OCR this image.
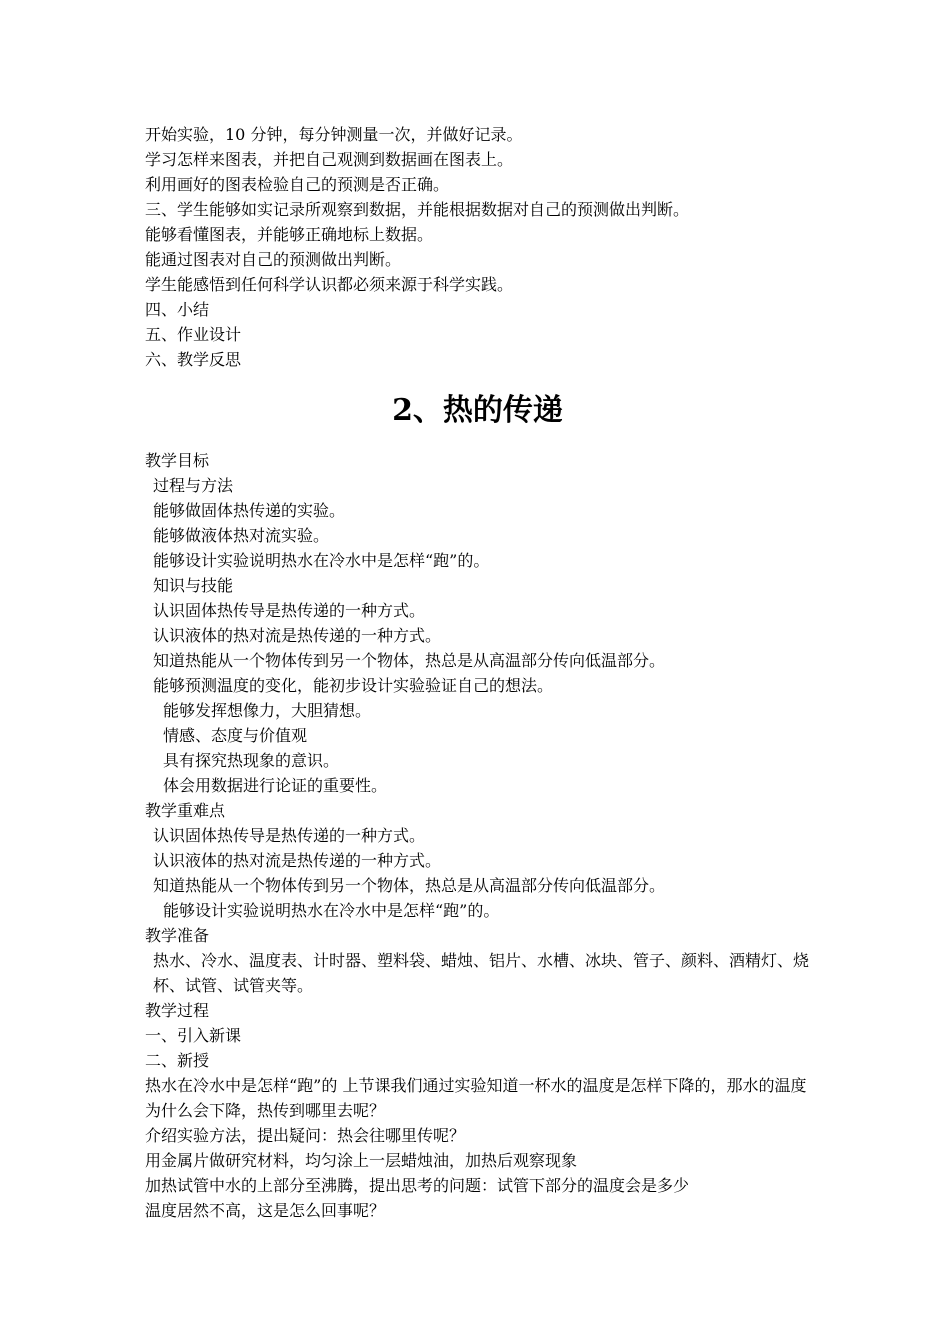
开始实验，10 分钟，每分钟测量一次，并做好记录。
学习怎样来图表，并把自己观测到数据画在图表上。
利用画好的图表检验自己的预测是否正确。
三、学生能够如实记录所观察到数据，并能根据数据对自己的预测做出判断。
能够看懂图表，并能够正确地标上数据。
能通过图表对自己的预测做出判断。
学生能感悟到任何科学认识都必须来源于科学实践。
四、小结
五、作业设计
六、教学反思
2、热的传递
教学目标
过程与方法
能够做固体热传递的实验。
能够做液体热对流实验。
能够设计实验说明热水在冷水中是怎样“跑”的。
知识与技能
认识固体热传导是热传递的一种方式。
认识液体的热对流是热传递的一种方式。
知道热能从一个物体传到另一个物体，热总是从高温部分传向低温部分。
能够预测温度的变化，能初步设计实验验证自己的想法。
能够发挥想像力，大胆猜想。
情感、态度与价值观
具有探究热现象的意识。
体会用数据进行论证的重要性。
教学重难点
认识固体热传导是热传递的一种方式。
认识液体的热对流是热传递的一种方式。
知道热能从一个物体传到另一个物体，热总是从高温部分传向低温部分。
能够设计实验说明热水在冷水中是怎样“跑”的。
教学准备
热水、冷水、温度表、计时器、塑料袋、蜡烛、铝片、水槽、冰块、管子、颜料、酒精灯、烧杯、试管、试管夹等。
教学过程
一、引入新课
二、新授
热水在冷水中是怎样“跑”的 上节课我们通过实验知道一杯水的温度是怎样下降的，那水的温度为什么会下降，热传到哪里去呢？
介绍实验方法，提出疑问：热会往哪里传呢？
用金属片做研究材料，均匀涂上一层蜡烛油，加热后观察现象
加热试管中水的上部分至沸腾，提出思考的问题：试管下部分的温度会是多少
温度居然不高，这是怎么回事呢？
